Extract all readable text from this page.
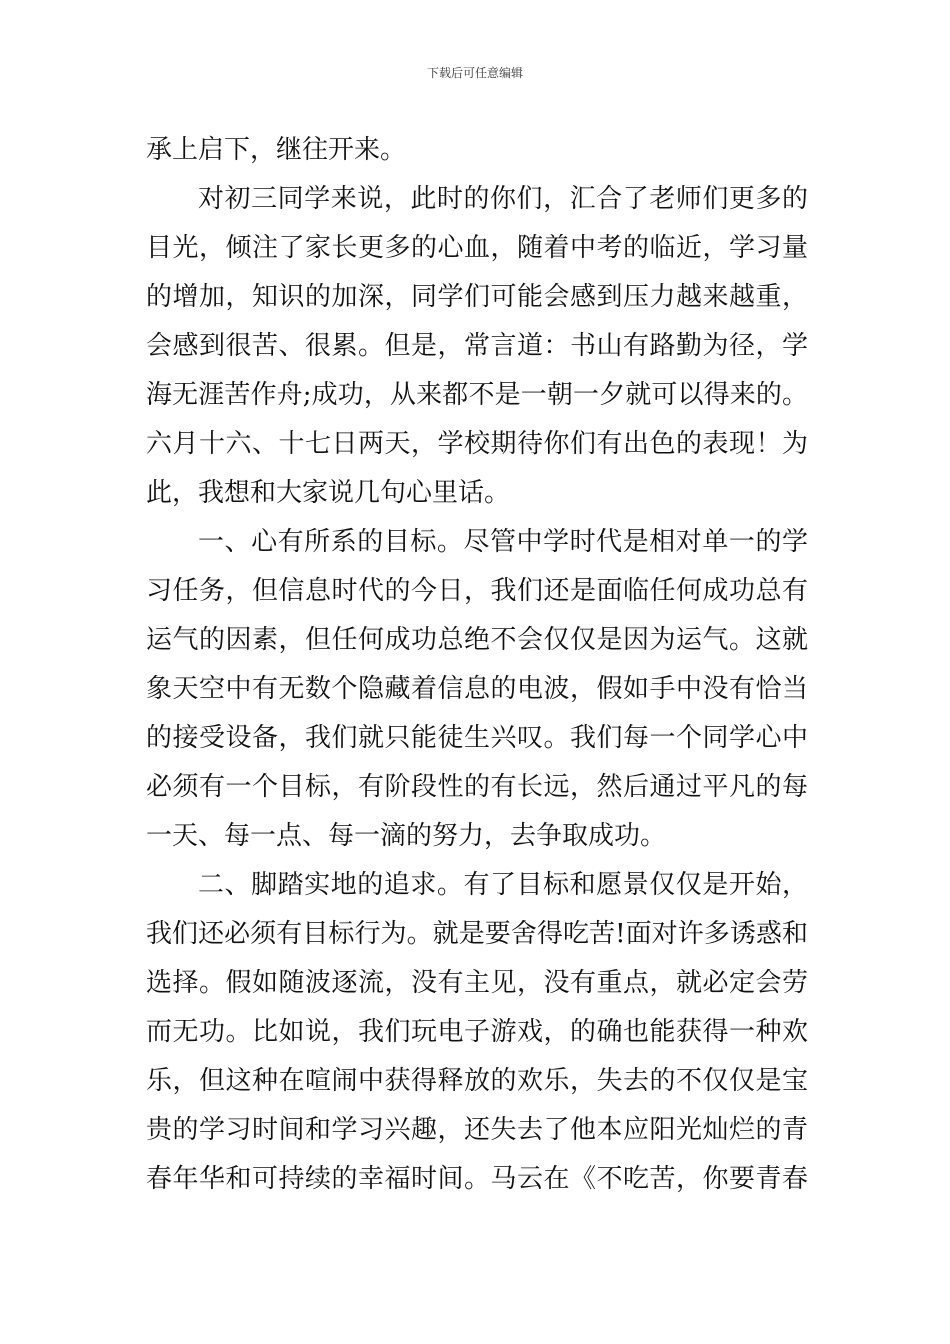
下载后可任意编辑
承上启下，继往开来。
对初三同学来说，此时的你们，汇合了老师们更多的
目光，倾注了家长更多的心血，随着中考的临近，学习量
的增加，知识的加深，同学们可能会感到压力越来越重，
会感到很苦、很累。但是，常言道：书山有路勤为径，学
海无涯苦作舟;成功，从来都不是一朝一夕就可以得来的。
六月十六、十七日两天，学校期待你们有出色的表现！为
此，我想和大家说几句心里话。
一、心有所系的目标。尽管中学时代是相对单一的学
习任务，但信息时代的今日，我们还是面临任何成功总有
运气的因素，但任何成功总绝不会仅仅是因为运气。这就
象天空中有无数个隐藏着信息的电波，假如手中没有恰当
的接受设备，我们就只能徒生兴叹。我们每一个同学心中
必须有一个目标，有阶段性的有长远，然后通过平凡的每
一天、每一点、每一滴的努力，去争取成功。
二、脚踏实地的追求。有了目标和愿景仅仅是开始，
我们还必须有目标行为。就是要舍得吃苦!面对许多诱惑和
选择。假如随波逐流，没有主见，没有重点，就必定会劳
而无功。比如说，我们玩电子游戏，的确也能获得一种欢
乐，但这种在喧闹中获得释放的欢乐，失去的不仅仅是宝
贵的学习时间和学习兴趣，还失去了他本应阳光灿烂的青
春年华和可持续的幸福时间。马云在《不吃苦，你要青春
